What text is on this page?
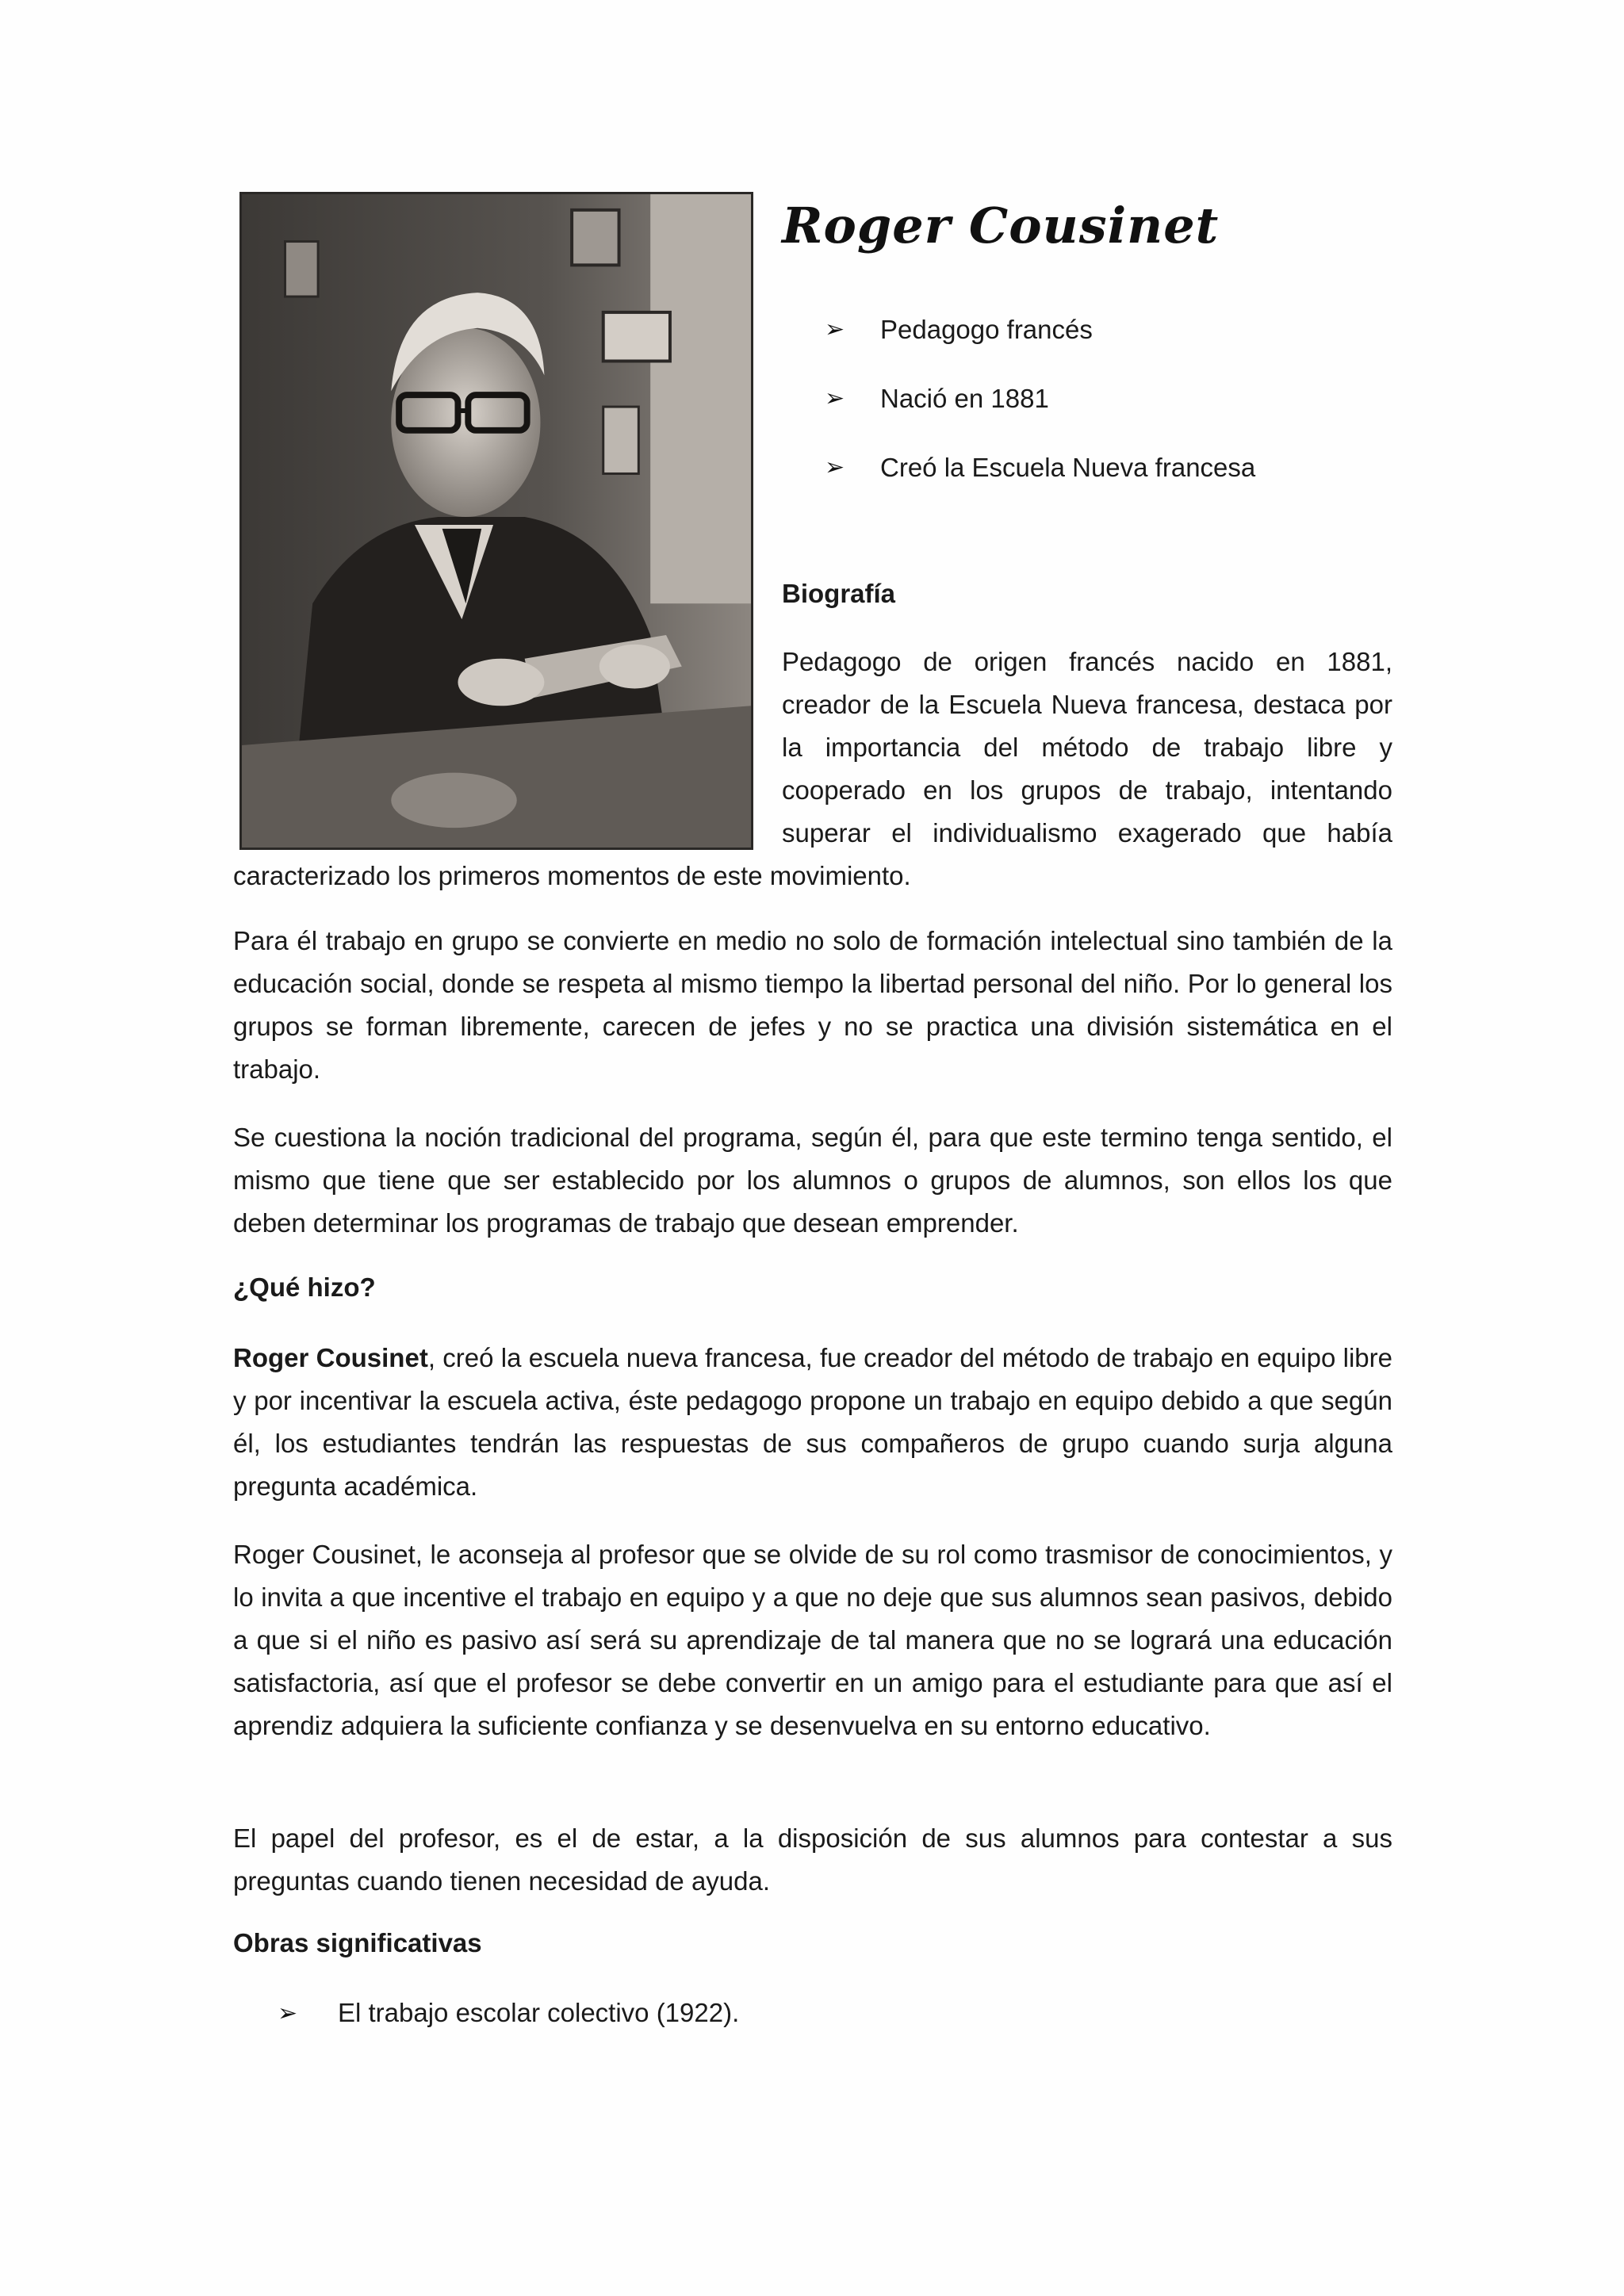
Roger Cousinet
➢	Pedagogo francés
➢	Nació en 1881
➢	Creó la Escuela Nueva francesa
Biografía

Pedagogo de origen francés nacido en 1881, creador de la Escuela Nueva francesa, destaca por la importancia del método de trabajo libre y cooperado en los grupos de trabajo, intentando superar el individualismo exagerado que había

caracterizado los primeros momentos de este movimiento.

Para él trabajo en grupo se convierte en medio no solo de formación intelectual sino también de la educación social, donde se respeta al mismo tiempo la libertad personal del niño. Por lo general los grupos se forman libremente, carecen de jefes y no se practica una división sistemática en el trabajo.

Se cuestiona la noción tradicional del programa, según él, para que este termino tenga sentido, el mismo que tiene que ser establecido por los alumnos o grupos de alumnos, son ellos los que deben determinar los programas de trabajo que desean emprender.

¿Qué hizo?

Roger Cousinet, creó la escuela nueva francesa, fue creador del método de trabajo en equipo libre y por incentivar la escuela activa, éste pedagogo propone un trabajo en equipo debido a que según él, los estudiantes tendrán las respuestas de sus compañeros de grupo cuando surja alguna pregunta académica.

Roger Cousinet, le aconseja al profesor que se olvide de su rol como trasmisor de conocimientos, y lo invita a que incentive el trabajo en equipo y a que no deje que sus alumnos sean pasivos, debido a que si el niño es pasivo así será su aprendizaje de tal manera que no se logrará una educación satisfactoria, así que el profesor se debe convertir en un amigo para el estudiante para que así el aprendiz adquiera la suficiente confianza y se desenvuelva en su entorno educativo.

El papel del profesor, es el de estar, a la disposición de sus alumnos para contestar a sus preguntas cuando tienen necesidad de ayuda.

Obras significativas
➢	El trabajo escolar colectivo (1922).
